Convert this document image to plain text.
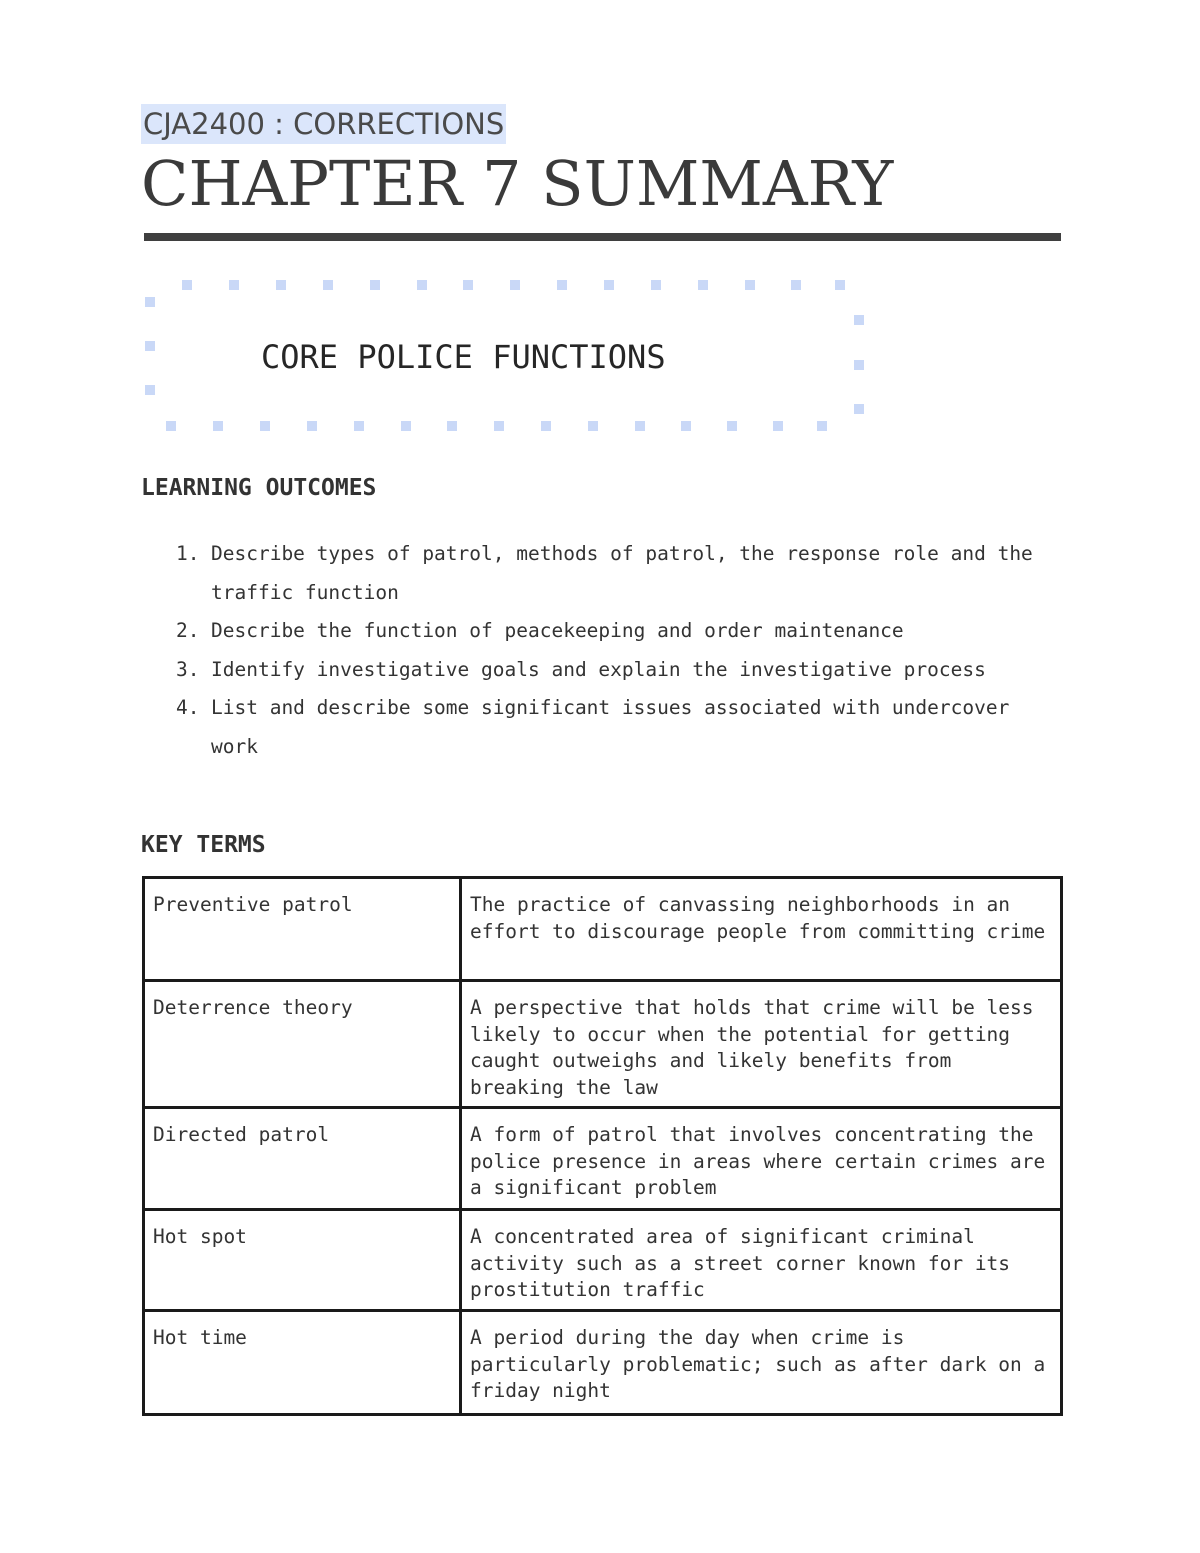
CJA2400 : CORRECTIONS
CHAPTER 7 SUMMARY
CORE POLICE FUNCTIONS
LEARNING OUTCOMES
1. Describe types of patrol, methods of patrol, the response role and the traffic function
2. Describe the function of peacekeeping and order maintenance
3. Identify investigative goals and explain the investigative process
4. List and describe some significant issues associated with undercover work
KEY TERMS
Preventive patrol	The practice of canvassing neighborhoods in an effort to discourage people from committing crime
Deterrence theory	A perspective that holds that crime will be less likely to occur when the potential for getting caught outweighs and likely benefits from breaking the law
Directed patrol	A form of patrol that involves concentrating the police presence in areas where certain crimes are a significant problem
Hot spot	A concentrated area of significant criminal activity such as a street corner known for its prostitution traffic
Hot time	A period during the day when crime is particularly problematic; such as after dark on a friday night
